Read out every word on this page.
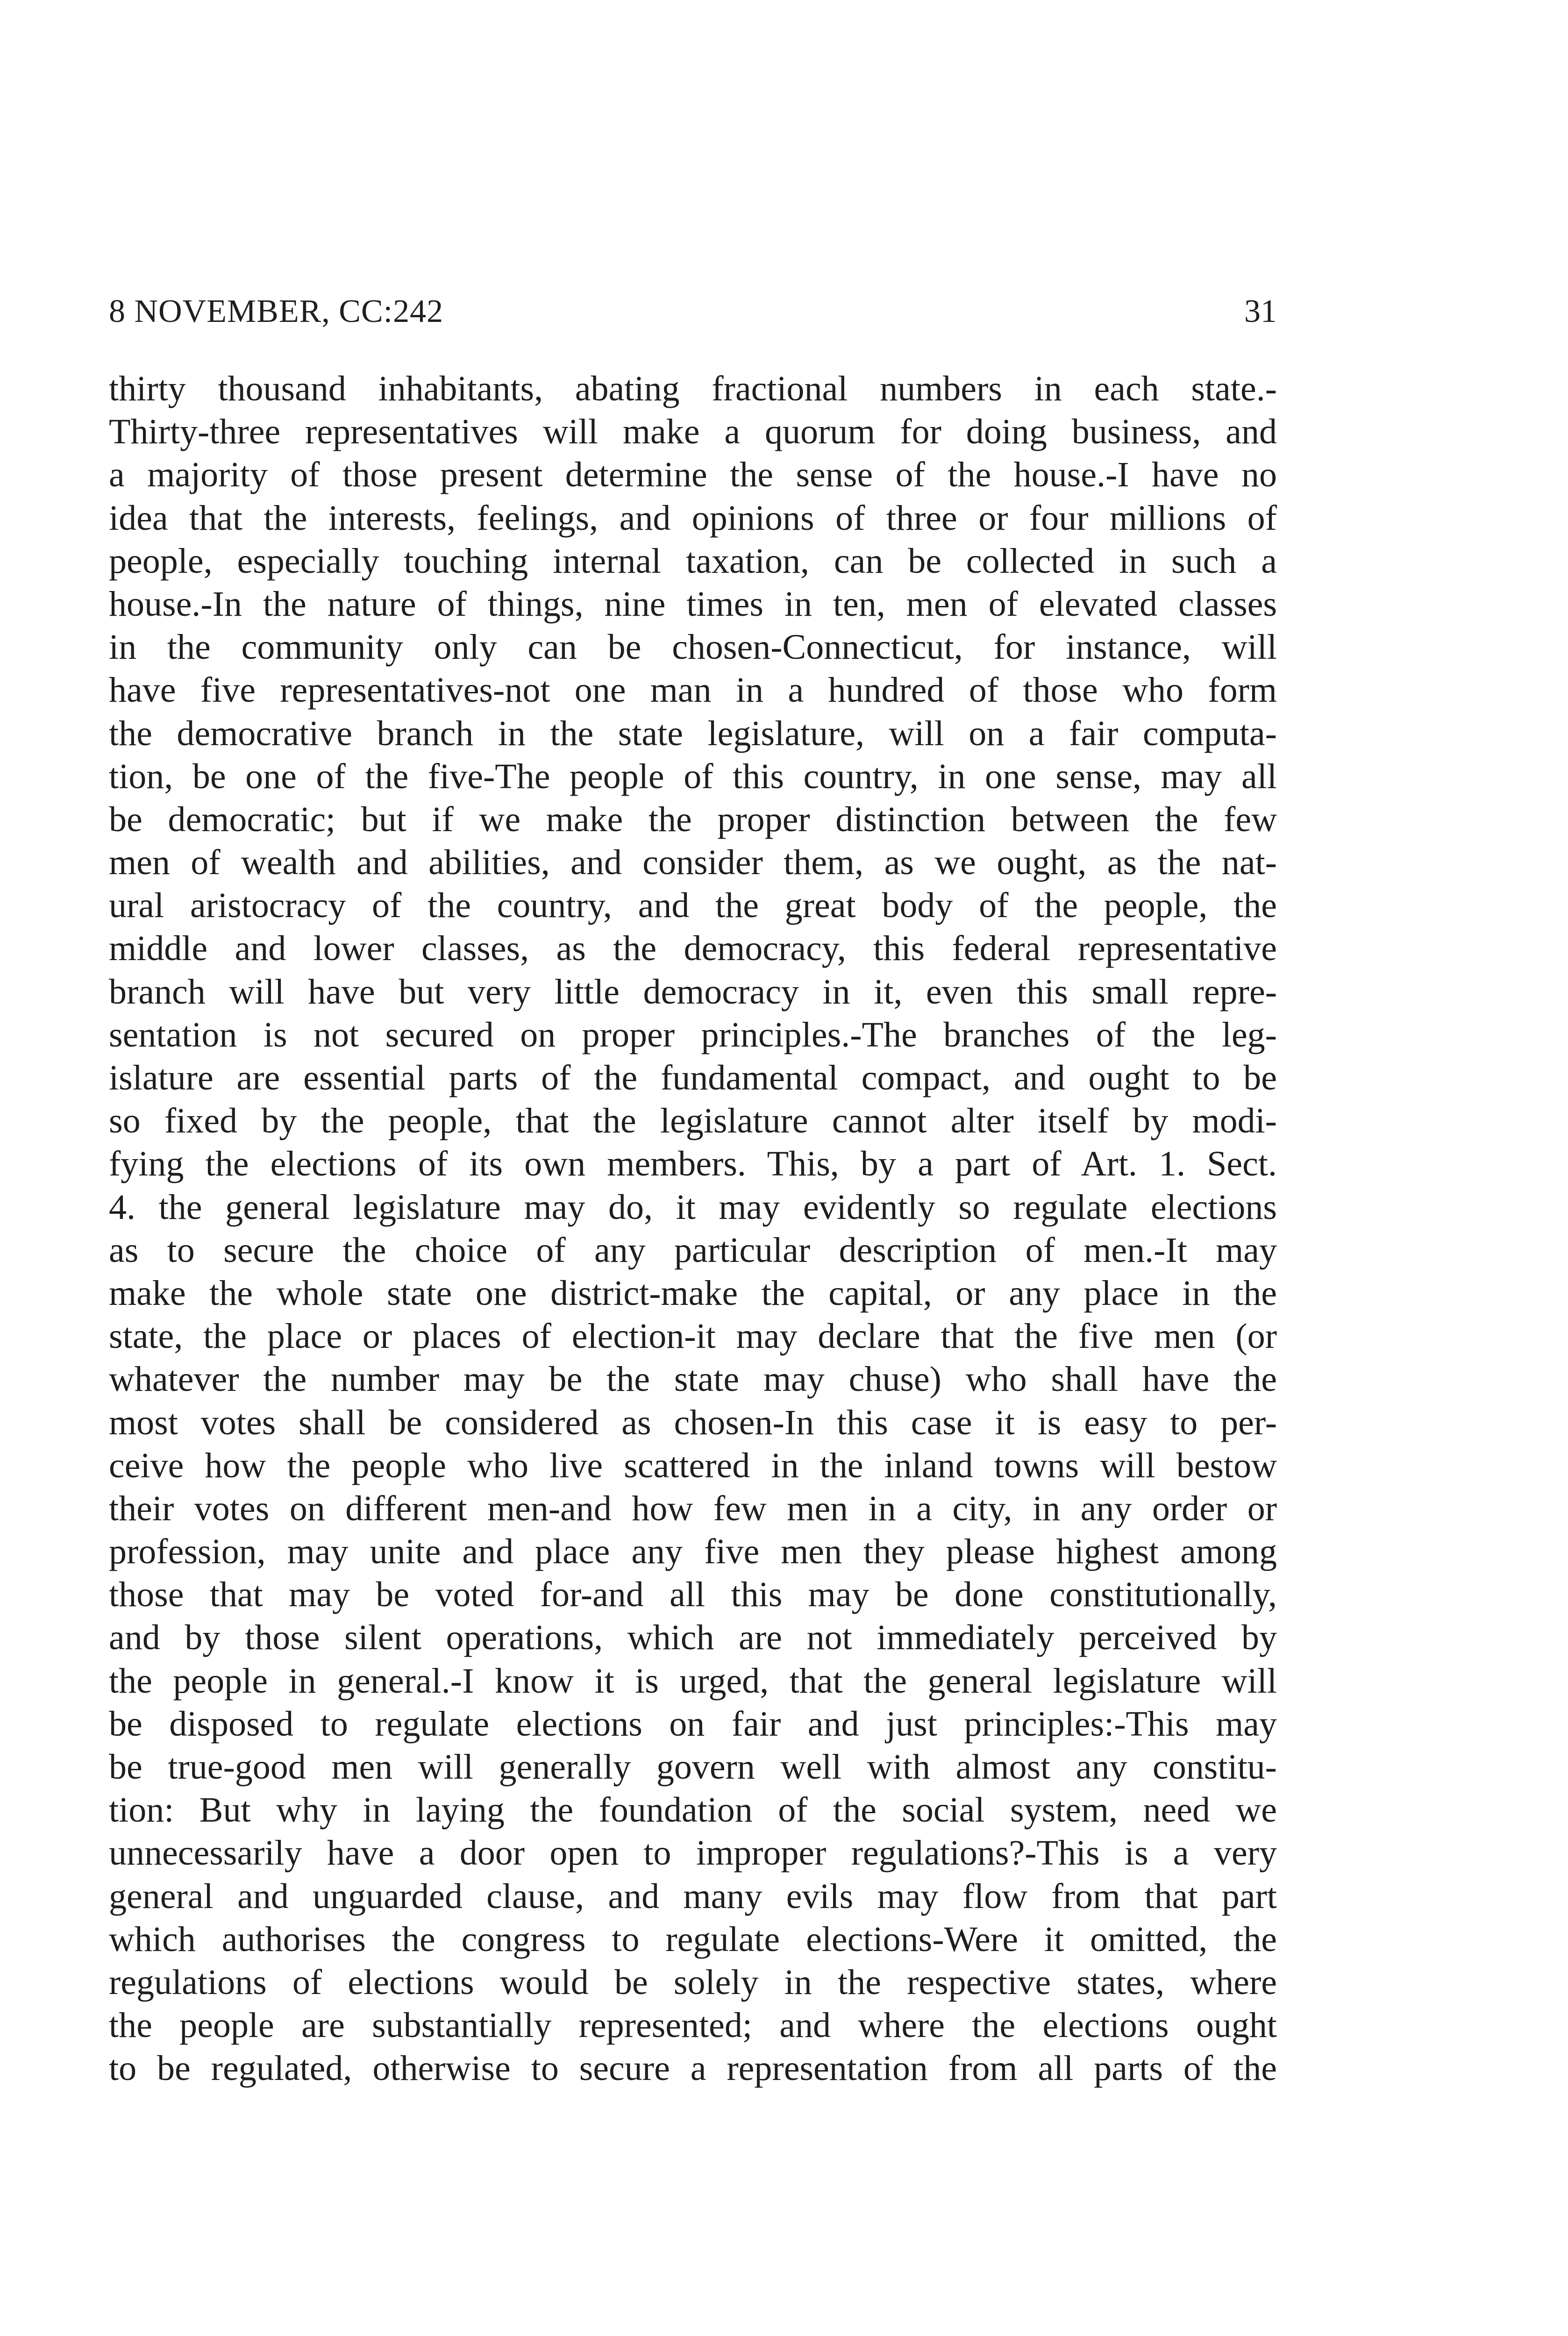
8 NOVEMBER, CC:242	31
thirty thousand inhabitants, abating fractional numbers in each state.-
Thirty-three representatives will make a quorum for doing business, and
a majority of those present determine the sense of the house.-I have no
idea that the interests, feelings, and opinions of three or four millions of
people, especially touching internal taxation, can be collected in such a
house.-In the nature of things, nine times in ten, men of elevated classes
in the community only can be chosen-Connecticut, for instance, will
have five representatives-not one man in a hundred of those who form
the democrative branch in the state legislature, will on a fair computa-
tion, be one of the five-The people of this country, in one sense, may all
be democratic; but if we make the proper distinction between the few
men of wealth and abilities, and consider them, as we ought, as the nat-
ural aristocracy of the country, and the great body of the people, the
middle and lower classes, as the democracy, this federal representative
branch will have but very little democracy in it, even this small repre-
sentation is not secured on proper principles.-The branches of the leg-
islature are essential parts of the fundamental compact, and ought to be
so fixed by the people, that the legislature cannot alter itself by modi-
fying the elections of its own members. This, by a part of Art. 1. Sect.
4. the general legislature may do, it may evidently so regulate elections
as to secure the choice of any particular description of men.-It may
make the whole state one district-make the capital, or any place in the
state, the place or places of election-it may declare that the five men (or
whatever the number may be the state may chuse) who shall have the
most votes shall be considered as chosen-In this case it is easy to per-
ceive how the people who live scattered in the inland towns will bestow
their votes on different men-and how few men in a city, in any order or
profession, may unite and place any five men they please highest among
those that may be voted for-and all this may be done constitutionally,
and by those silent operations, which are not immediately perceived by
the people in general.-I know it is urged, that the general legislature will
be disposed to regulate elections on fair and just principles:-This may
be true-good men will generally govern well with almost any constitu-
tion: But why in laying the foundation of the social system, need we
unnecessarily have a door open to improper regulations?-This is a very
general and unguarded clause, and many evils may flow from that part
which authorises the congress to regulate elections-Were it omitted, the
regulations of elections would be solely in the respective states, where
the people are substantially represented; and where the elections ought
to be regulated, otherwise to secure a representation from all parts of the
